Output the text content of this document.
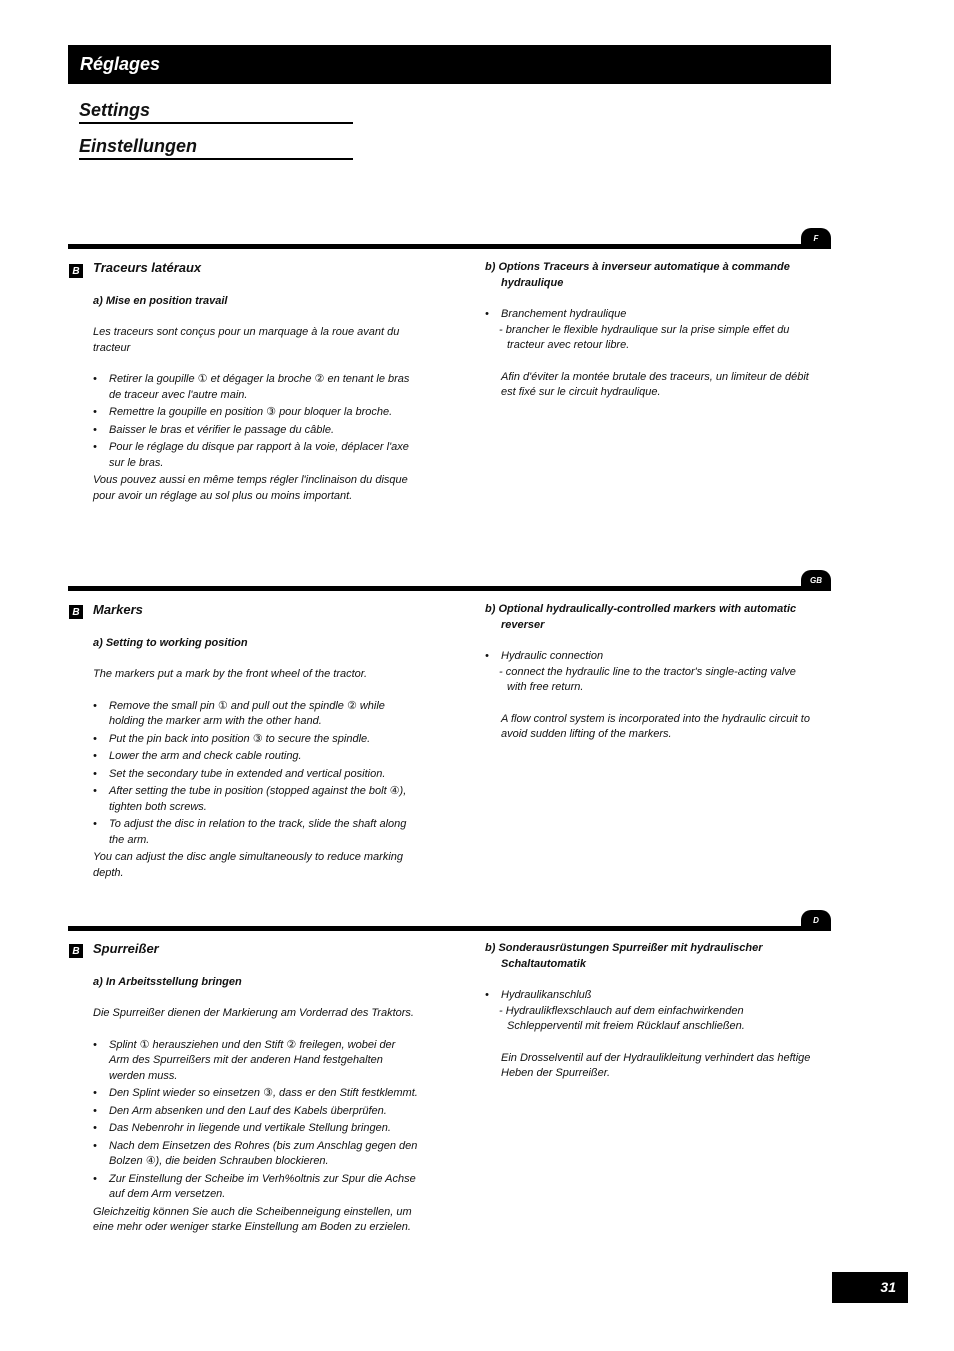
Réglages
Settings
Einstellungen
F
B Traceurs latéraux

a) Mise en position travail

Les traceurs sont conçus pour un marquage à la roue avant du tracteur

• Retirer la goupille ① et dégager la broche ② en tenant le bras de traceur avec l'autre main.
• Remettre la goupille en position ③ pour bloquer la broche.
• Baisser le bras et vérifier le passage du câble.
• Pour le réglage du disque par rapport à la voie, déplacer l'axe sur le bras.

Vous pouvez aussi en même temps régler l'inclinaison du disque pour avoir un réglage au sol plus ou moins important.

b) Options Traceurs à inverseur automatique à commande hydraulique

• Branchement hydraulique

- brancher le flexible hydraulique sur la prise simple effet du tracteur avec retour libre.

Afin d'éviter la montée brutale des traceurs, un limiteur de débit est fixé sur le circuit hydraulique.

GB
B Markers

a) Setting to working position

The markers put a mark by the front wheel of the tractor.

• Remove the small pin ① and pull out the spindle ② while holding the marker arm with the other hand.
• Put the pin back into position ③ to secure the spindle.
• Lower the arm and check cable routing.
• Set the secondary tube in extended and vertical position.
• After setting the tube in position (stopped against the bolt ④), tighten both screws.
• To adjust the disc in relation to the track, slide the shaft along the arm.

You can adjust the disc angle simultaneously to reduce marking depth.

b) Optional hydraulically-controlled markers with automatic reverser

• Hydraulic connection

- connect the hydraulic line to the tractor's single-acting valve with free return.

A flow control system is incorporated into the hydraulic circuit to avoid sudden lifting of the markers.

D
B Spurreißer

a) In Arbeitsstellung bringen

Die Spurreißer dienen der Markierung am Vorderrad des Traktors.

• Splint ① herausziehen und den Stift ② freilegen, wobei der Arm des Spurreißers mit der anderen Hand festgehalten werden muss.
• Den Splint wieder so einsetzen ③, dass er den Stift festklemmt.
• Den Arm absenken und den Lauf des Kabels überprüfen.
• Das Nebenrohr in liegende und vertikale Stellung bringen.
• Nach dem Einsetzen des Rohres (bis zum Anschlag gegen den Bolzen ④), die beiden Schrauben blockieren.
• Zur Einstellung der Scheibe im Verh%oltnis zur Spur die Achse auf dem Arm versetzen.

Gleichzeitig können Sie auch die Scheibenneigung einstellen, um eine mehr oder weniger starke Einstellung am Boden zu erzielen.

b) Sonderausrüstungen Spurreißer mit hydraulischer Schaltautomatik

• Hydraulikanschluß

- Hydraulikflexschlauch auf dem einfachwirkenden Schlepperventil mit freiem Rücklauf anschließen.

Ein Drosselventil auf der Hydraulikleitung verhindert das heftige Heben der Spurreißer.

31
